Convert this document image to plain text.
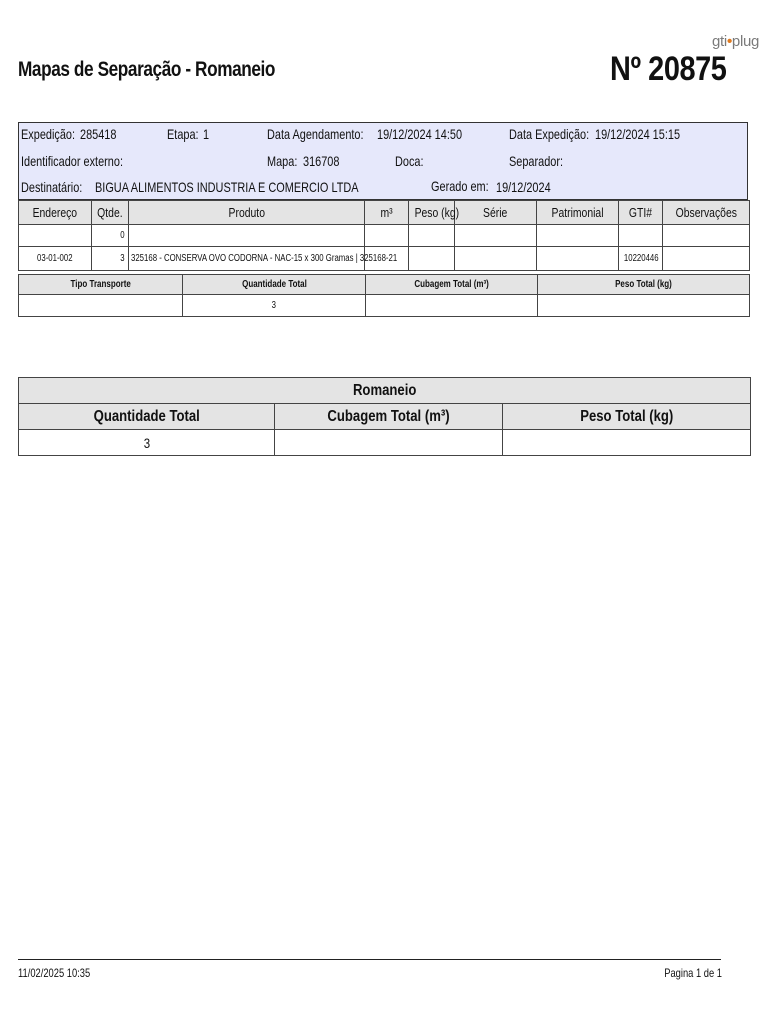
Mapas de Separação - Romaneio	Nº 20875
gti•plug
Expedição: 285418	Etapa: 1	Data Agendamento: 19/12/2024 14:50	Data Expedição: 19/12/2024 15:15
Identificador externo:	Mapa: 316708	Doca:	Separador:
Destinatário: BIGUA ALIMENTOS INDUSTRIA E COMERCIO LTDA	Gerado em: 19/12/2024
Endereço	Qtde.	Produto	m³	Peso (kg)	Série	Patrimonial	GTI#	Observações
	0							
03-01-002	3	325168 - CONSERVA OVO CODORNA - NAC-15 x 300 Gramas | 325168-21					10220446	
Tipo Transporte	Quantidade Total	Cubagem Total (m³)	Peso Total (kg)
	3		
Romaneio		
Quantidade Total	Cubagem Total (m³)	Peso Total (kg)
3		
11/02/2025 10:35	Pagina 1 de 1
